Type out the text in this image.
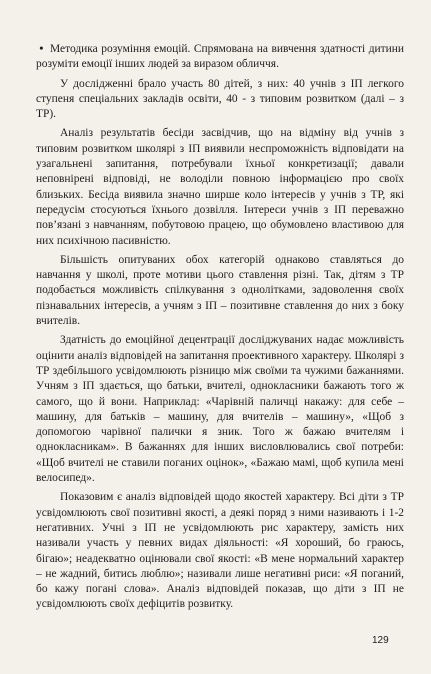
• Методика розуміння емоцій. Спрямована на вивчення здатності дитини розуміти емоції інших людей за виразом обличчя.

У дослідженні брало участь 80 дітей, з них: 40 учнів з ІП легкого ступеня спеціальних закладів освіти, 40 - з типовим розвитком (далі – з ТР).

Аналіз результатів бесіди засвідчив, що на відміну від учнів з типовим розвитком школярі з ІП виявили неспроможність відповідати на узагальнені запитання, потребували їхньої конкретизації; давали неповнірені відповіді, не володіли повною інформацією про своїх близьких. Бесіда виявила значно ширше коло інтересів у учнів з ТР, які передусім стосуються їхнього дозвілля. Інтереси учнів з ІП переважно пов’язані з навчанням, побутовою працею, що обумовлено властивою для них психічною пасивністю.

Більшість опитуваних обох категорій однаково ставляться до навчання у школі, проте мотиви цього ставлення різні. Так, дітям з ТР подобається можливість спілкування з однолітками, задоволення своїх пізнавальних інтересів, а учням з ІП – позитивне ставлення до них з боку вчителів.

Здатність до емоційної децентрації досліджуваних надає можливість оцінити аналіз відповідей на запитання проективного характеру. Школярі з ТР здебільшого усвідомлюють різницю між своїми та чужими бажаннями. Учням з ІП здається, що батьки, вчителі, однокласники бажають того ж самого, що й вони. Наприклад: «Чарівній паличці накажу: для себе – машину, для батьків – машину, для вчителів – машину», «Щоб з допомогою чарівної палички я зник. Того ж бажаю вчителям і однокласникам». В бажаннях для інших висловлювались свої потреби: «Щоб вчителі не ставили поганих оцінок», «Бажаю мамі, щоб купила мені велосипед».

Показовим є аналіз відповідей щодо якостей характеру. Всі діти з ТР усвідомлюють свої позитивні якості, а деякі поряд з ними називають і 1-2 негативних. Учні з ІП не усвідомлюють рис характеру, замість них називали участь у певних видах діяльності: «Я хороший, бо граюсь, бігаю»; неадекватно оцінювали свої якості: «В мене нормальний характер – не жадний, битись люблю»; називали лише негативні риси: «Я поганий, бо кажу погані слова». Аналіз відповідей показав, що діти з ІП не усвідомлюють своїх дефіцитів розвитку.

129
